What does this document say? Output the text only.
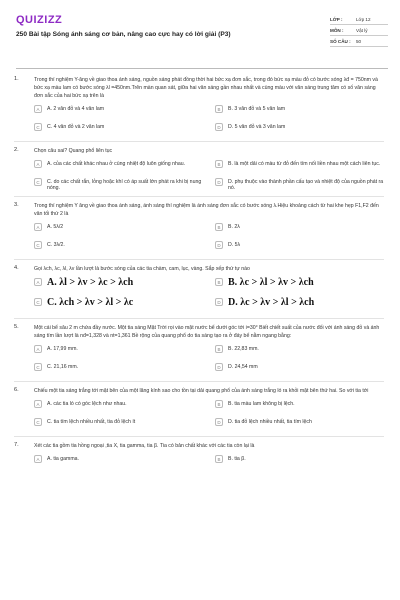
QUIZIZZ
250 Bài tập Sóng ánh sáng cơ bản, nâng cao cực hay có lời giải (P3)
LỚP :	Lớp 12
MÔN :	Vật lý
SỐ CÂU :	50
1.	Trong thí nghiệm Y-âng về giao thoa ánh sáng, nguồn sáng phát đồng thời hai bức xạ đơn sắc, trong đó bức xạ màu đỏ có bước sóng λđ = 750nm và bức xạ màu lam có bước sóng λl =450nm.Trên màn quan sát, giữa hai vân sáng gần nhau nhất và cùng màu với vân sáng trung tâm có số vân sáng đơn sắc của hai bức xạ trên là
A	A. 2 vân đỏ và 4 vân lam	B	B. 3 vân đỏ và 5 vân lam
C	C. 4 vân đỏ và 2 vân lam	D	D. 5 vân đỏ và 3 vân lam
2.	Chọn câu sai? Quang phổ liên tục
A	A. của các chất khác nhau ở cùng nhiệt độ luôn giống nhau.	B	B. là một dải có màu từ đỏ đến tím nối liền nhau một cách liên tục.
C	C. do các chất rắn, lỏng hoặc khí có áp suất lớn phát ra khi bị nung nóng.
D	D. phụ thuộc vào thành phần cấu tạo và nhiệt độ của nguồn phát ra nó.
3.	Trong thí nghiệm Y âng về giao thoa ánh sáng, ánh sáng thí nghiệm là ánh sáng đơn sắc có bước sóng λ.Hiệu khoảng cách từ hai khe hẹp F1,F2 đến vân tối thứ 2 là
A	A. 5λ/2	B	B. 2λ
C	C. 3λ/2.	D	D. 5λ
4.	Gọi λch, λc, λl, λv lần lượt là bước sóng của các tia chàm, cam, lục, vàng. Sắp xếp thứ tự nào
A A. λl > λv > λc > λch	B B. λc > λl > λv > λch
C C. λch > λv > λl > λc	D D. λc > λv > λl > λch
5.	Một cái bể sâu 2 m chứa đầy nước. Một tia sáng Mặt Trời rọi vào mặt nước bể dưới góc tới i=30° Biết chiết suất của nước đối với ánh sáng đỏ và ánh sáng tím lần lượt là nđ=1,328 và nt=1,361 Bề rộng của quang phổ do tia sáng tạo ra ở đáy bể nằm ngang bằng:
A	A. 17,99 mm.	B	B. 22,83 mm.
C	C. 21,16 mm.	D	D. 24,54 mm
6.	Chiếu một tia sáng trắng tới mặt bên của một lăng kính sao cho tồn tại dải quang phổ của ánh sáng trắng ló ra khỏi mặt bên thứ hai. So với tia tới
A	A. các tia ló có góc lệch như nhau.	B	B. tia màu lam không bị lệch.
C	C. tia tím lệch nhiều nhất, tia đỏ lệch ít	D	D. tia đỏ lệch nhiều nhất, tia tím lệch
7.	Xét các tia gồm tia hồng ngoại ,tia X, tia gamma, tia β. Tia có bản chất khác với các tia còn lại là
A	A. tia gamma.	B	B. tia β.
